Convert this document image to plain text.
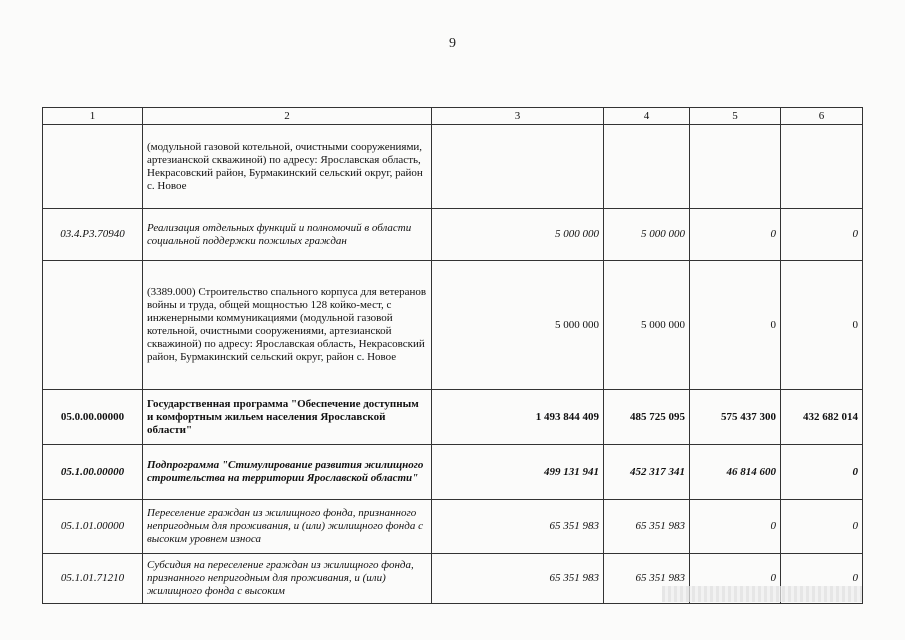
9
1	2	3	4	5	6
	(модульной газовой котельной, очистными сооружениями, артезианской скважиной) по адресу: Ярославская область, Некрасовский район, Бурмакинский сельский округ, район с. Новое				
03.4.P3.70940	Реализация отдельных функций и полномочий в области социальной поддержки пожилых граждан	5 000 000	5 000 000	0	0
	(3389.000) Строительство спального корпуса для ветеранов войны и труда, общей мощностью 128 койко-мест, с инженерными коммуникациями (модульной газовой котельной, очистными сооружениями, артезианской скважиной) по адресу: Ярославская область, Некрасовский район, Бурмакинский сельский округ, район с. Новое	5 000 000	5 000 000	0	0
05.0.00.00000	Государственная программа "Обеспечение доступным и комфортным жильем населения Ярославской области"	1 493 844 409	485 725 095	575 437 300	432 682 014
05.1.00.00000	Подпрограмма "Стимулирование развития жилищного строительства на территории Ярославской области"	499 131 941	452 317 341	46 814 600	0
05.1.01.00000	Переселение граждан из жилищного фонда, признанного непригодным для проживания, и (или) жилищного фонда с высоким уровнем износа	65 351 983	65 351 983	0	0
05.1.01.71210	Субсидия на переселение граждан из жилищного фонда, признанного непригодным для проживания, и (или) жилищного фонда с высоким	65 351 983	65 351 983	0	0
